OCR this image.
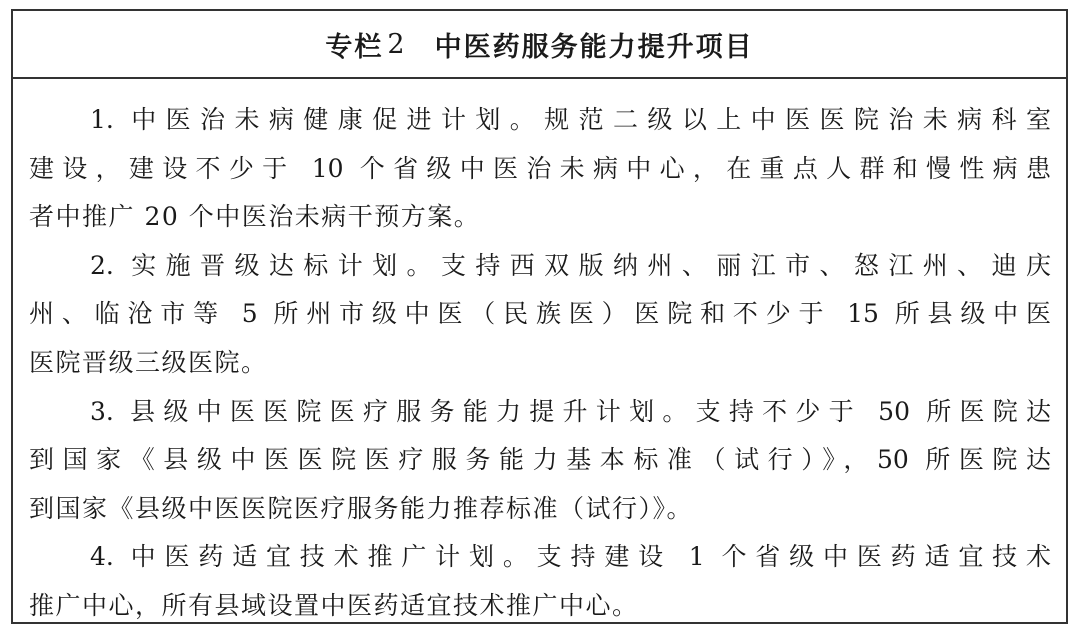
专栏 2 中医药服务能力提升项目
1. 中医治未病健康促进计划。规范二级以上中医医院治未病科室
建设，建设不少于 10 个省级中医治未病中心，在重点人群和慢性病患
者中推广 20 个中医治未病干预方案。
2. 实施晋级达标计划。支持西双版纳州、丽江市、怒江州、迪庆
州、临沧市等 5 所州市级中医（民族医）医院和不少于 15 所县级中医
医院晋级三级医院。
3. 县级中医医院医疗服务能力提升计划。支持不少于 50 所医院达
到国家《县级中医医院医疗服务能力基本标准（试行）》，50 所医院达
到国家《县级中医医院医疗服务能力推荐标准（试行）》。
4. 中医药适宜技术推广计划。支持建设 1 个省级中医药适宜技术
推广中心，所有县域设置中医药适宜技术推广中心。
